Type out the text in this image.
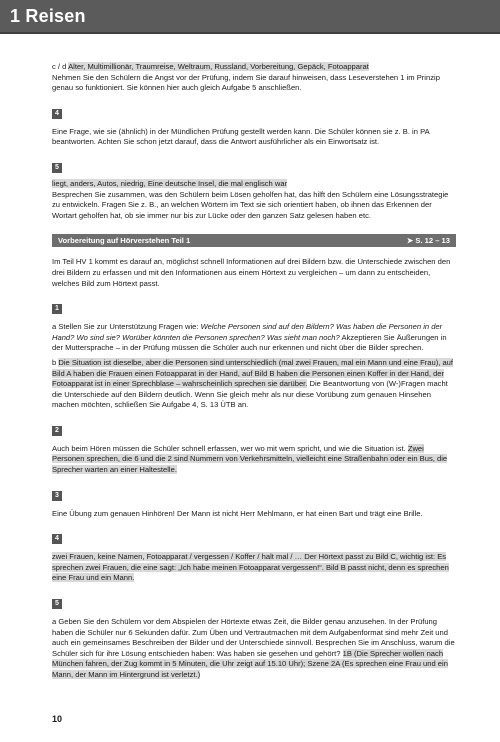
1 Reisen

c / d Alter, Multimillionär, Traumreise, Weltraum, Russland, Vorbereitung, Gepäck, Fotoapparat

Nehmen Sie den Schülern die Angst vor der Prüfung, indem Sie darauf hinweisen, dass Leseverstehen 1 im Prinzip genau so funktioniert. Sie können hier auch gleich Aufgabe 5 anschließen.

4

Eine Frage, wie sie (ähnlich) in der Mündlichen Prüfung gestellt werden kann. Die Schüler können sie z. B. in PA beantworten. Achten Sie schon jetzt darauf, dass die Antwort ausführlicher als ein Einwortsatz ist.

5

liegt, anders, Autos, niedrig, Eine deutsche Insel, die mal englisch war

Besprechen Sie zusammen, was den Schülern beim Lösen geholfen hat, das hilft den Schülern eine Lösungsstrategie zu entwickeln. Fragen Sie z. B., an welchen Wörtern im Text sie sich orientiert haben, ob ihnen das Erkennen der Wortart geholfen hat, ob sie immer nur bis zur Lücke oder den ganzen Satz gelesen haben etc.

Vorbereitung auf Hörverstehen Teil 1	➤ S. 12 – 13

Im Teil HV 1 kommt es darauf an, möglichst schnell Informationen auf drei Bildern bzw. die Unterschiede zwischen den drei Bildern zu erfassen und mit den Informationen aus einem Hörtext zu vergleichen – um dann zu entscheiden, welches Bild zum Hörtext passt.

1

a Stellen Sie zur Unterstützung Fragen wie: Welche Personen sind auf den Bildern? Was haben die Personen in der Hand? Wo sind sie? Worüber könnten die Personen sprechen? Was sieht man noch? Akzeptieren Sie Äußerungen in der Muttersprache – in der Prüfung müssen die Schüler auch nur erkennen und nicht über die Bilder sprechen.

b Die Situation ist dieselbe, aber die Personen sind unterschiedlich (mal zwei Frauen, mal ein Mann und eine Frau), auf Bild A haben die Frauen einen Fotoapparat in der Hand, auf Bild B haben die Personen einen Koffer in der Hand, der Fotoapparat ist in einer Sprechblase – wahrscheinlich sprechen sie darüber. Die Beantwortung von (W-)Fragen macht die Unterschiede auf den Bildern deutlich. Wenn Sie gleich mehr als nur diese Vorübung zum genauen Hinsehen machen möchten, schließen Sie Aufgabe 4, S. 13 ÜTB an.

2

Auch beim Hören müssen die Schüler schnell erfassen, wer wo mit wem spricht, und wie die Situation ist. Zwei Personen sprechen, die 6 und die 2 sind Nummern von Verkehrsmitteln, vielleicht eine Straßenbahn oder ein Bus, die Sprecher warten an einer Haltestelle.

3

Eine Übung zum genauen Hinhören! Der Mann ist nicht Herr Mehlmann, er hat einen Bart und trägt eine Brille.

4

zwei Frauen, keine Namen, Fotoapparat / vergessen / Koffer / halt mal / … Der Hörtext passt zu Bild C, wichtig ist: Es sprechen zwei Frauen, die eine sagt: „Ich habe meinen Fotoapparat vergessen!“. Bild B passt nicht, denn es sprechen eine Frau und ein Mann.

5

a Geben Sie den Schülern vor dem Abspielen der Hörtexte etwas Zeit, die Bilder genau anzusehen. In der Prüfung haben die Schüler nur 6 Sekunden dafür. Zum Üben und Vertrautmachen mit dem Aufgabenformat sind mehr Zeit und auch ein gemeinsames Beschreiben der Bilder und der Unterschiede sinnvoll. Besprechen Sie im Anschluss, warum die Schüler sich für ihre Lösung entschieden haben: Was haben sie gesehen und gehört? 1B (Die Sprecher wollen nach München fahren, der Zug kommt in 5 Minuten, die Uhr zeigt auf 15.10 Uhr); Szene 2A (Es sprechen eine Frau und ein Mann, der Mann im Hintergrund ist verletzt.)

10
